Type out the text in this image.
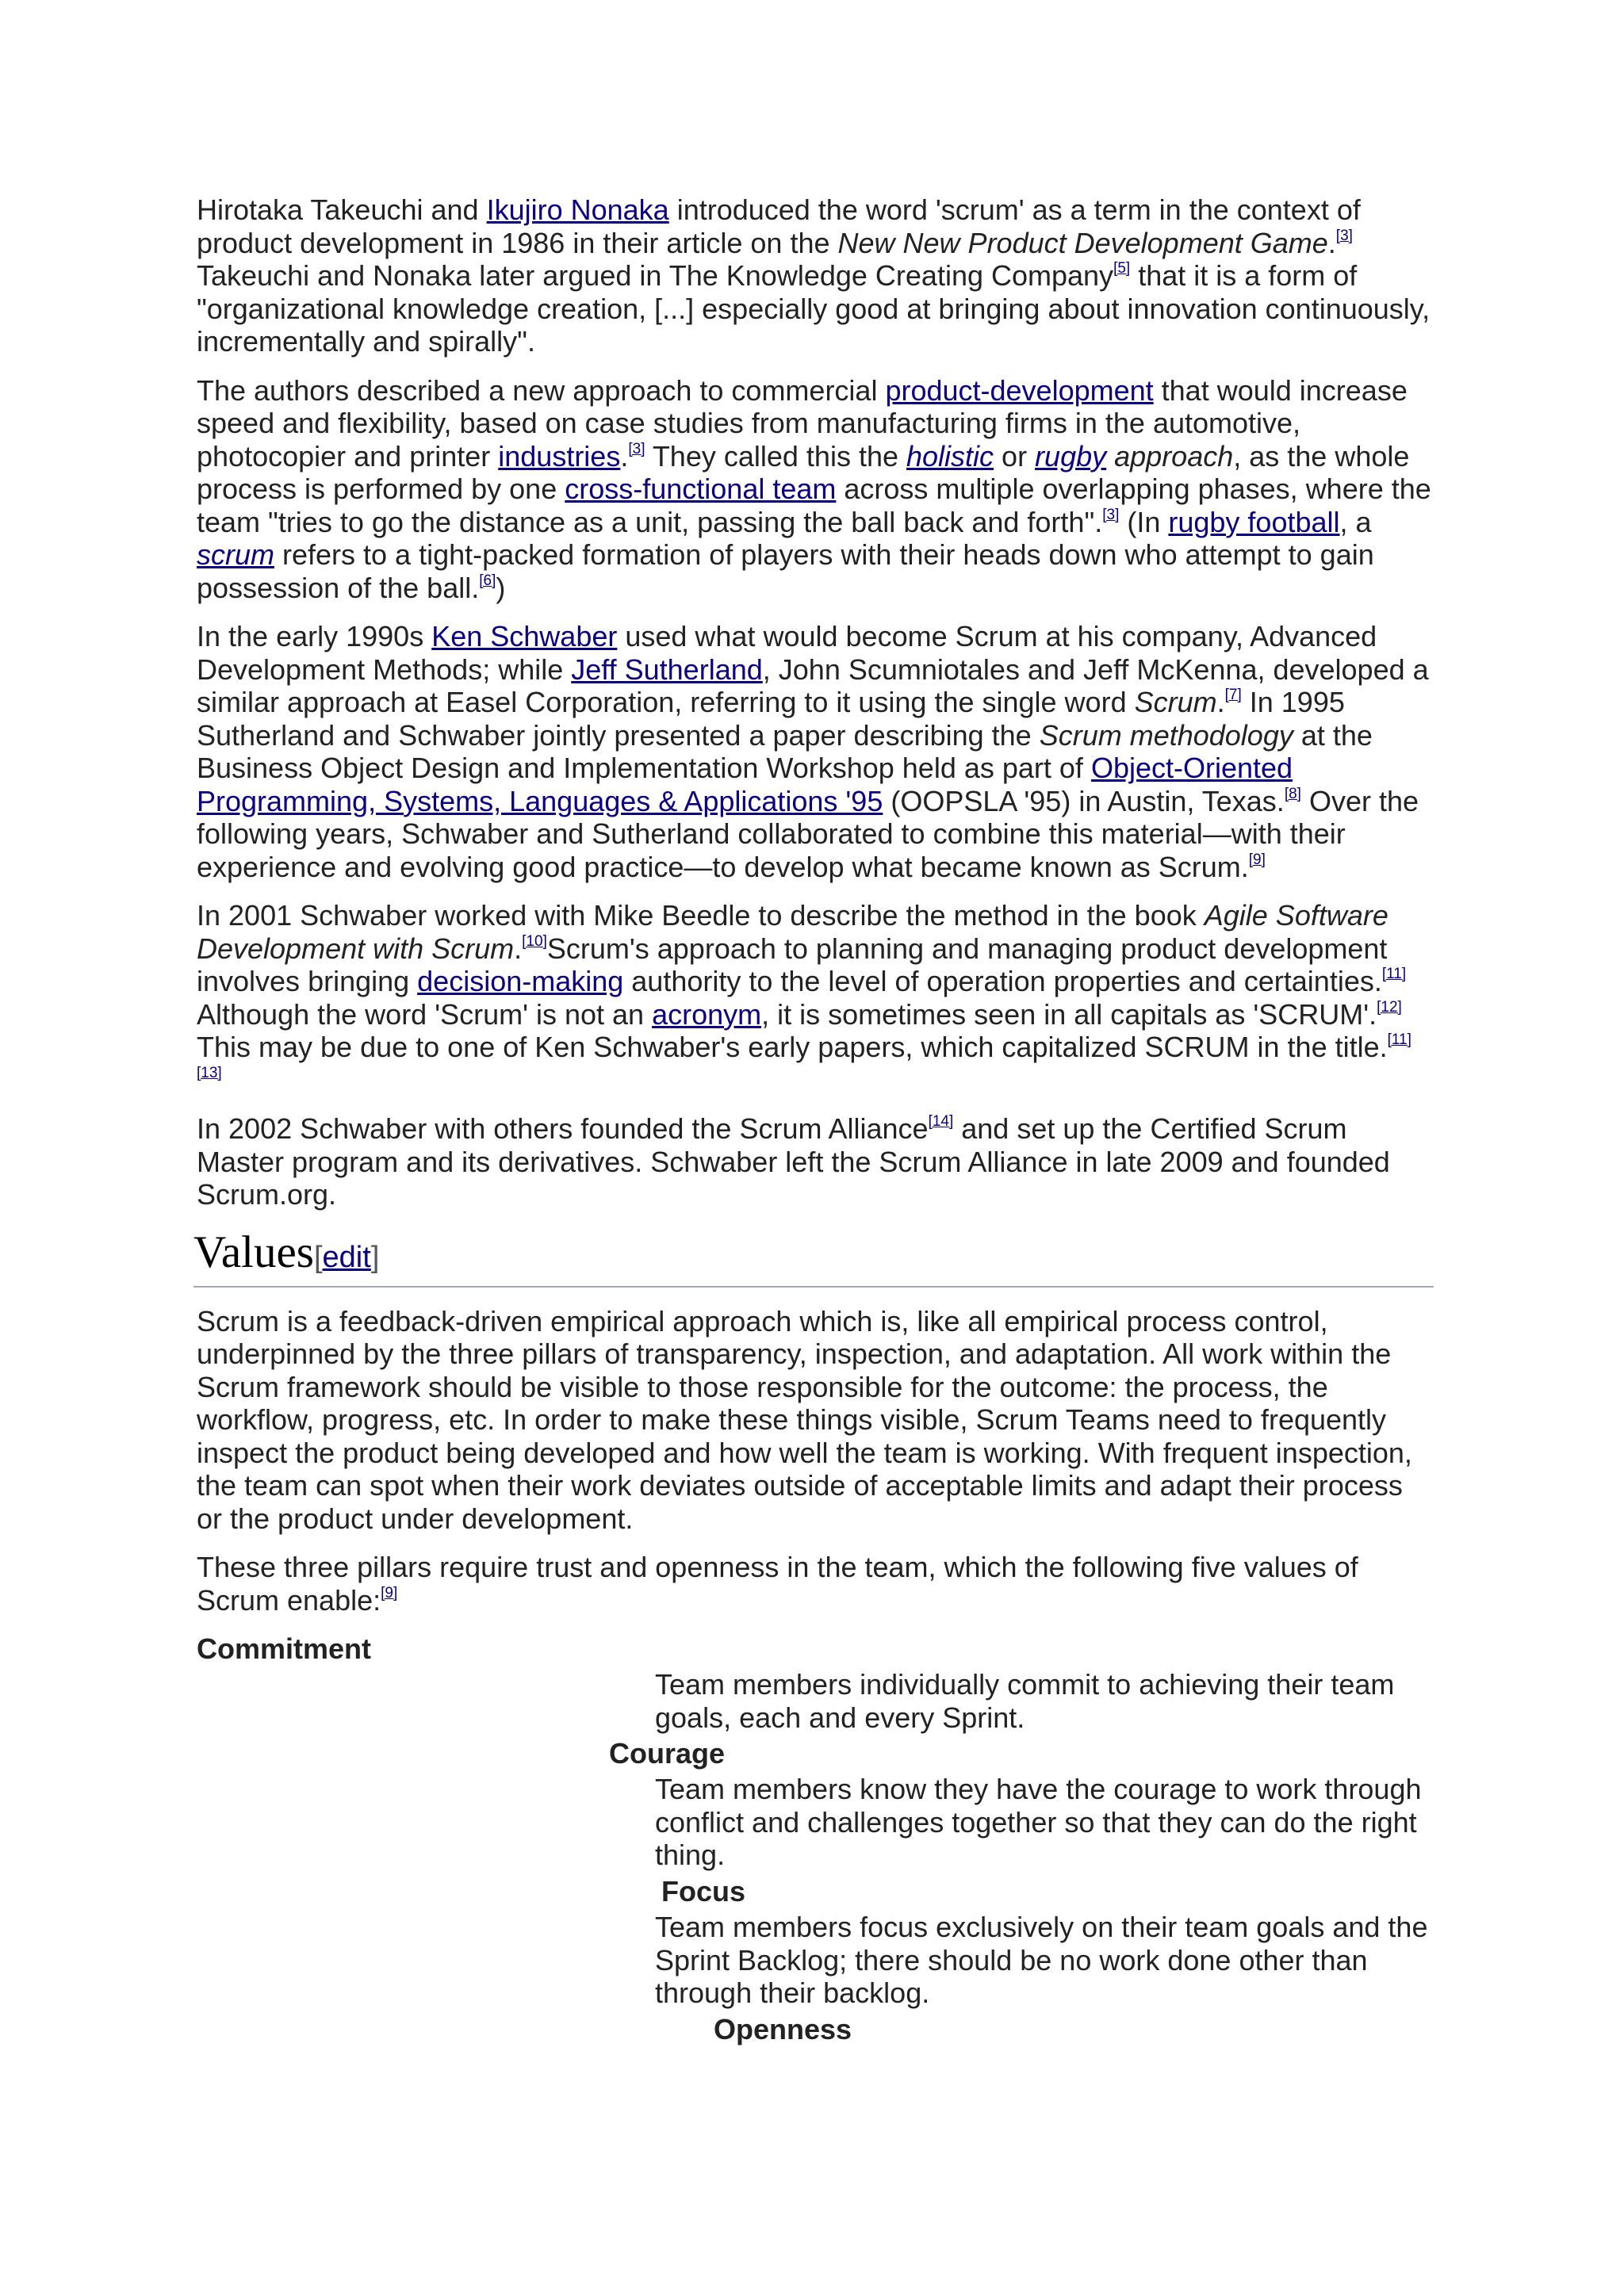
Hirotaka Takeuchi and Ikujiro Nonaka introduced the word 'scrum' as a term in the context of product development in 1986 in their article on the New New Product Development Game.[3] Takeuchi and Nonaka later argued in The Knowledge Creating Company[5] that it is a form of "organizational knowledge creation, [...] especially good at bringing about innovation continuously, incrementally and spirally".

The authors described a new approach to commercial product-development that would increase speed and flexibility, based on case studies from manufacturing firms in the automotive, photocopier and printer industries.[3] They called this the holistic or rugby approach, as the whole process is performed by one cross-functional team across multiple overlapping phases, where the team "tries to go the distance as a unit, passing the ball back and forth".[3] (In rugby football, a scrum refers to a tight-packed formation of players with their heads down who attempt to gain possession of the ball.[6])

In the early 1990s Ken Schwaber used what would become Scrum at his company, Advanced Development Methods; while Jeff Sutherland, John Scumniotales and Jeff McKenna, developed a similar approach at Easel Corporation, referring to it using the single word Scrum.[7] In 1995 Sutherland and Schwaber jointly presented a paper describing the Scrum methodology at the Business Object Design and Implementation Workshop held as part of Object-Oriented Programming, Systems, Languages & Applications '95 (OOPSLA '95) in Austin, Texas.[8] Over the following years, Schwaber and Sutherland collaborated to combine this material—with their experience and evolving good practice—to develop what became known as Scrum.[9]

In 2001 Schwaber worked with Mike Beedle to describe the method in the book Agile Software Development with Scrum.[10]Scrum's approach to planning and managing product development involves bringing decision-making authority to the level of operation properties and certainties.[11] Although the word 'Scrum' is not an acronym, it is sometimes seen in all capitals as 'SCRUM'.[12] This may be due to one of Ken Schwaber's early papers, which capitalized SCRUM in the title.[11][13]

In 2002 Schwaber with others founded the Scrum Alliance[14] and set up the Certified Scrum Master program and its derivatives. Schwaber left the Scrum Alliance in late 2009 and founded Scrum.org.

Values[edit]

Scrum is a feedback-driven empirical approach which is, like all empirical process control, underpinned by the three pillars of transparency, inspection, and adaptation. All work within the Scrum framework should be visible to those responsible for the outcome: the process, the workflow, progress, etc. In order to make these things visible, Scrum Teams need to frequently inspect the product being developed and how well the team is working. With frequent inspection, the team can spot when their work deviates outside of acceptable limits and adapt their process or the product under development.

These three pillars require trust and openness in the team, which the following five values of Scrum enable:[9]

Commitment
Team members individually commit to achieving their team goals, each and every Sprint.
Courage
Team members know they have the courage to work through conflict and challenges together so that they can do the right thing.
Focus
Team members focus exclusively on their team goals and the Sprint Backlog; there should be no work done other than through their backlog.
Openness
